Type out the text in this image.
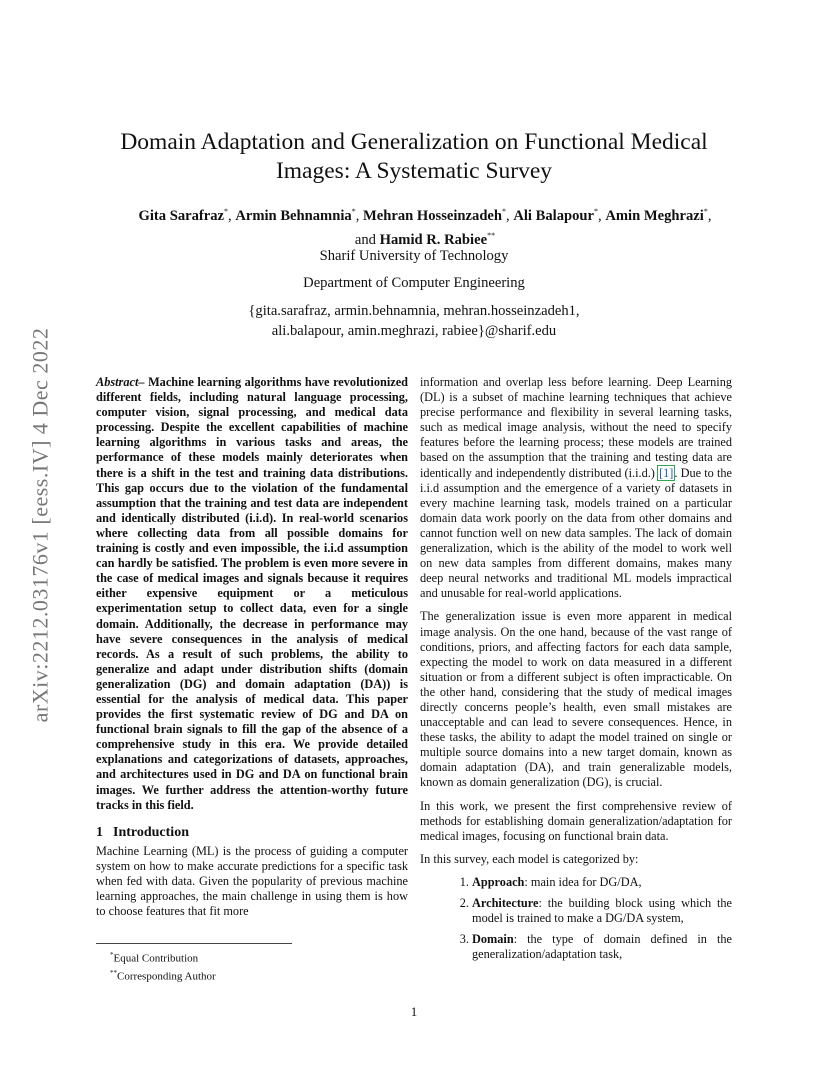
arXiv:2212.03176v1 [eess.IV] 4 Dec 2022
Domain Adaptation and Generalization on Functional Medical
Images: A Systematic Survey
Gita Sarafraz*, Armin Behnamnia*, Mehran Hosseinzadeh*, Ali Balapour*, Amin Meghrazi*,
and Hamid R. Rabiee**
Sharif University of Technology
Department of Computer Engineering
{gita.sarafraz, armin.behnamnia, mehran.hosseinzadeh1,
ali.balapour, amin.meghrazi, rabiee}@sharif.edu

Abstract– Machine learning algorithms have revolutionized different fields, including natural language processing, computer vision, signal processing, and medical data processing. Despite the excellent capabilities of machine learning algorithms in various tasks and areas, the performance of these models mainly deteriorates when there is a shift in the test and training data distributions. This gap occurs due to the violation of the fundamental assumption that the training and test data are independent and identically distributed (i.i.d). In real-world scenarios where collecting data from all possible domains for training is costly and even impossible, the i.i.d assumption can hardly be satisfied. The problem is even more severe in the case of medical images and signals because it requires either expensive equipment or a meticulous experimentation setup to collect data, even for a single domain. Additionally, the decrease in performance may have severe consequences in the analysis of medical records. As a result of such problems, the ability to generalize and adapt under distribution shifts (domain generalization (DG) and domain adaptation (DA)) is essential for the analysis of medical data. This paper provides the first systematic review of DG and DA on functional brain signals to fill the gap of the absence of a comprehensive study in this era. We provide detailed explanations and categorizations of datasets, approaches, and architectures used in DG and DA on functional brain images. We further address the attention-worthy future tracks in this field.

1 Introduction

Machine Learning (ML) is the process of guiding a computer system on how to make accurate predictions for a specific task when fed with data. Given the popularity of previous machine learning approaches, the main challenge in using them is how to choose features that fit more

information and overlap less before learning. Deep Learning (DL) is a subset of machine learning techniques that achieve precise performance and flexibility in several learning tasks, such as medical image analysis, without the need to specify features before the learning process; these models are trained based on the assumption that the training and testing data are identically and independently distributed (i.i.d.) [1]. Due to the i.i.d assumption and the emergence of a variety of datasets in every machine learning task, models trained on a particular domain data work poorly on the data from other domains and cannot function well on new data samples. The lack of domain generalization, which is the ability of the model to work well on new data samples from different domains, makes many deep neural networks and traditional ML models impractical and unusable for real-world applications.

The generalization issue is even more apparent in medical image analysis. On the one hand, because of the vast range of conditions, priors, and affecting factors for each data sample, expecting the model to work on data measured in a different situation or from a different subject is often impracticable. On the other hand, considering that the study of medical images directly concerns people’s health, even small mistakes are unacceptable and can lead to severe consequences. Hence, in these tasks, the ability to adapt the model trained on single or multiple source domains into a new target domain, known as domain adaptation (DA), and train generalizable models, known as domain generalization (DG), is crucial.

In this work, we present the first comprehensive review of methods for establishing domain generalization/adaptation for medical images, focusing on functional brain data.

In this survey, each model is categorized by:

1. Approach: main idea for DG/DA,
2. Architecture: the building block using which the model is trained to make a DG/DA system,
3. Domain: the type of domain defined in the generalization/adaptation task,
*Equal Contribution
**Corresponding Author
1
